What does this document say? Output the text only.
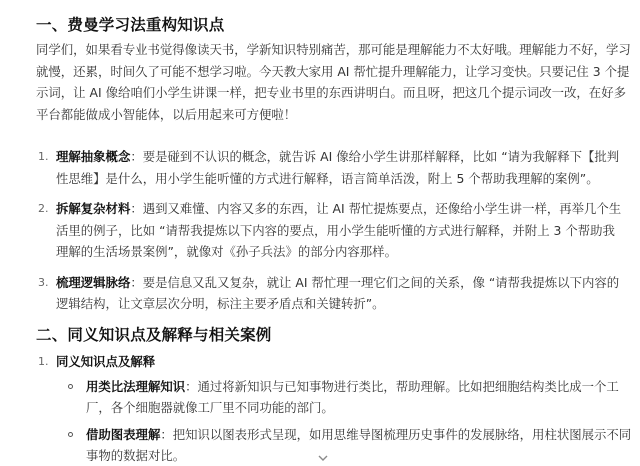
一、费曼学习法重构知识点
同学们，如果看专业书觉得像读天书，学新知识特别痛苦，那可能是理解能力不太好哦。理解能力不好，学习就慢，还累，时间久了可能不想学习啦。今天教大家用 AI 帮忙提升理解能力，让学习变快。只要记住 3 个提示词，让 AI 像给咱们小学生讲课一样，把专业书里的东西讲明白。而且呀，把这几个提示词改一改，在好多平台都能做成小智能体，以后用起来可方便啦！
1. 理解抽象概念：要是碰到不认识的概念，就告诉 AI 像给小学生讲那样解释，比如 “请为我解释下【批判性思维】是什么，用小学生能听懂的方式进行解释，语言简单活泼，附上 5 个帮助我理解的案例”。
2. 拆解复杂材料：遇到又难懂、内容又多的东西，让 AI 帮忙提炼要点，还像给小学生讲一样，再举几个生活里的例子，比如 “请帮我提炼以下内容的要点，用小学生能听懂的方式进行解释，并附上 3 个帮助我理解的生活场景案例”，就像对《孙子兵法》的部分内容那样。
3. 梳理逻辑脉络：要是信息又乱又复杂，就让 AI 帮忙理一理它们之间的关系，像 “请帮我提炼以下内容的逻辑结构，让文章层次分明，标注主要矛盾点和关键转折”。
二、同义知识点及解释与相关案例
1. 同义知识点及解释
用类比法理解知识：通过将新知识与已知事物进行类比，帮助理解。比如把细胞结构类比成一个工厂，各个细胞器就像工厂里不同功能的部门。
借助图表理解：把知识以图表形式呈现，如用思维导图梳理历史事件的发展脉络，用柱状图展示不同事物的数据对比。
